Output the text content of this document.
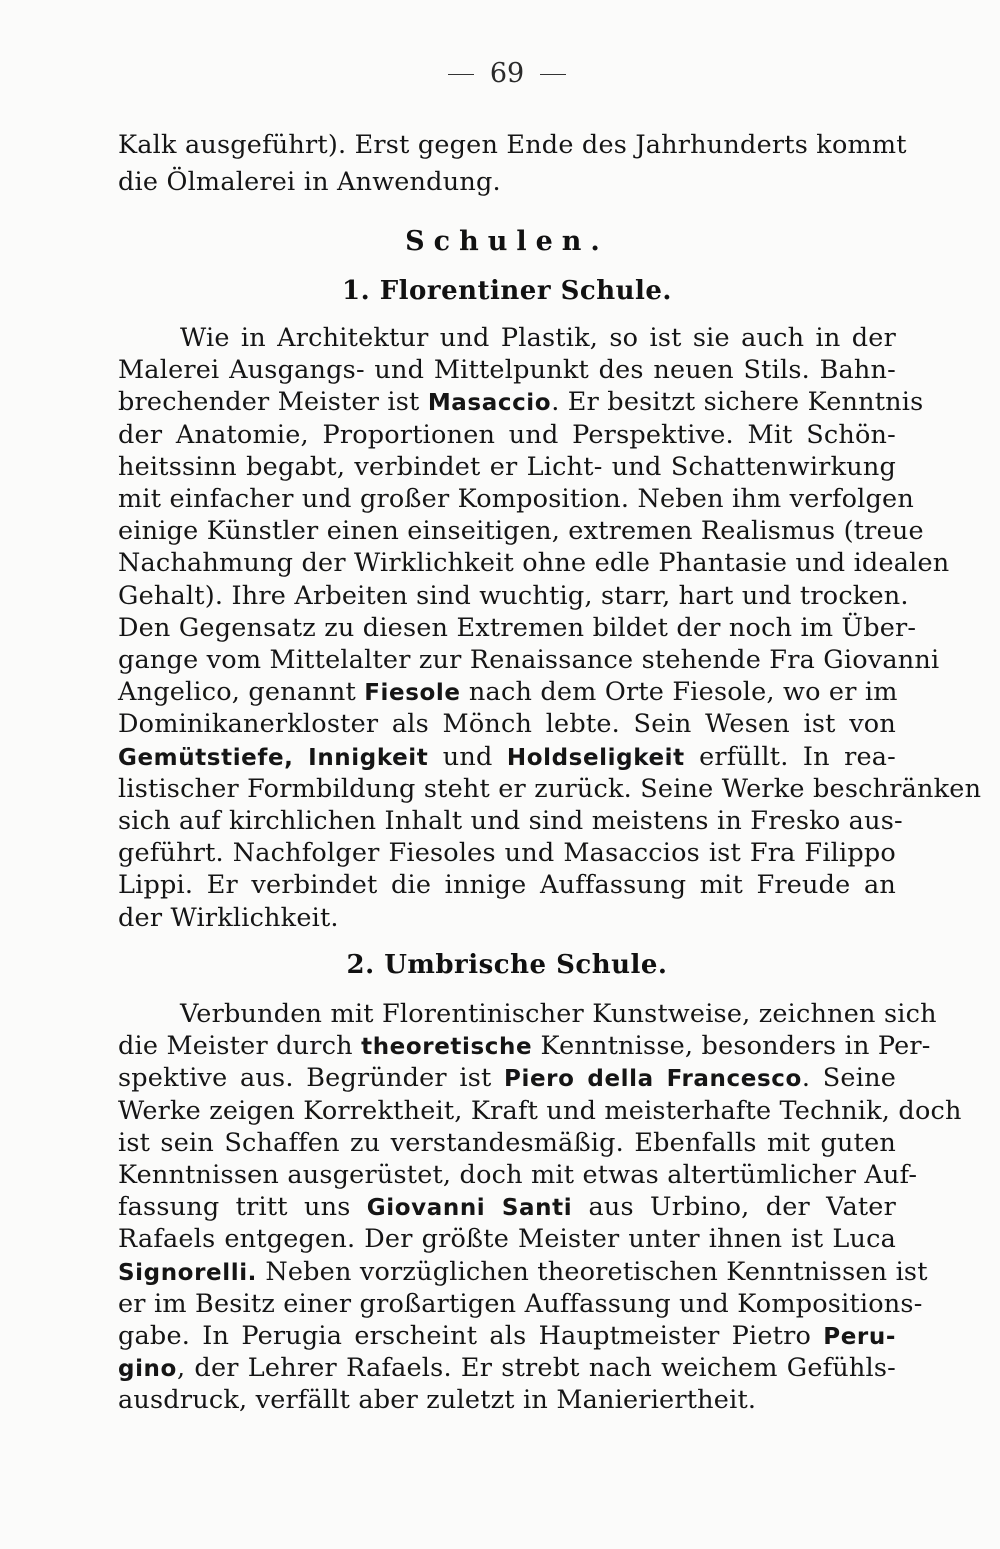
69
Kalk ausgeführt). Erst gegen Ende des Jahrhunderts kommt
die Ölmalerei in Anwendung.
Schulen.
1. Florentiner Schule.
Wie in Architektur und Plastik, so ist sie auch in der
Malerei Ausgangs- und Mittelpunkt des neuen Stils. Bahn-
brechender Meister ist Masaccio. Er besitzt sichere Kenntnis
der Anatomie, Proportionen und Perspektive. Mit Schön-
heitssinn begabt, verbindet er Licht- und Schattenwirkung
mit einfacher und großer Komposition. Neben ihm verfolgen
einige Künstler einen einseitigen, extremen Realismus (treue
Nachahmung der Wirklichkeit ohne edle Phantasie und idealen
Gehalt). Ihre Arbeiten sind wuchtig, starr, hart und trocken.
Den Gegensatz zu diesen Extremen bildet der noch im Über-
gange vom Mittelalter zur Renaissance stehende Fra Giovanni
Angelico, genannt Fiesole nach dem Orte Fiesole, wo er im
Dominikanerkloster als Mönch lebte. Sein Wesen ist von
Gemütstiefe, Innigkeit und Holdseligkeit erfüllt. In rea-
listischer Formbildung steht er zurück. Seine Werke beschränken
sich auf kirchlichen Inhalt und sind meistens in Fresko aus-
geführt. Nachfolger Fiesoles und Masaccios ist Fra Filippo
Lippi. Er verbindet die innige Auffassung mit Freude an
der Wirklichkeit.
2. Umbrische Schule.
Verbunden mit Florentinischer Kunstweise, zeichnen sich
die Meister durch theoretische Kenntnisse, besonders in Per-
spektive aus. Begründer ist Piero della Francesco. Seine
Werke zeigen Korrektheit, Kraft und meisterhafte Technik, doch
ist sein Schaffen zu verstandesmäßig. Ebenfalls mit guten
Kenntnissen ausgerüstet, doch mit etwas altertümlicher Auf-
fassung tritt uns Giovanni Santi aus Urbino, der Vater
Rafaels entgegen. Der größte Meister unter ihnen ist Luca
Signorelli. Neben vorzüglichen theoretischen Kenntnissen ist
er im Besitz einer großartigen Auffassung und Kompositions-
gabe. In Perugia erscheint als Hauptmeister Pietro Peru-
gino, der Lehrer Rafaels. Er strebt nach weichem Gefühls-
ausdruck, verfällt aber zuletzt in Manieriertheit.
